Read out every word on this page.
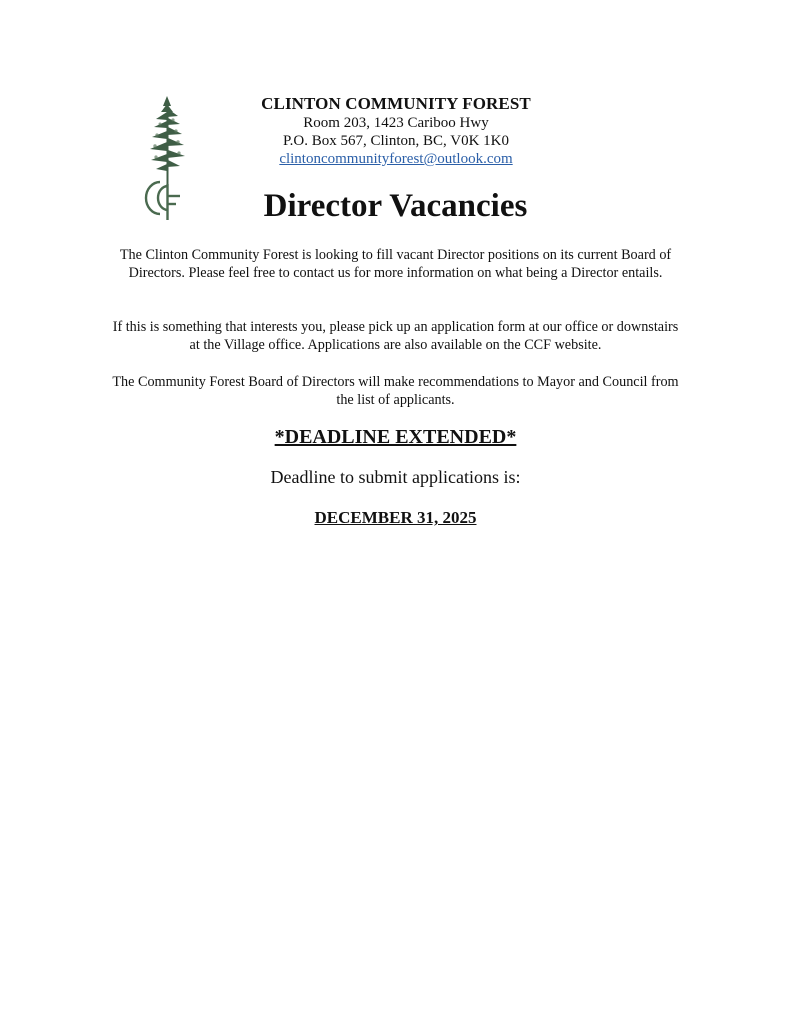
CLINTON COMMUNITY FOREST
Room 203, 1423 Cariboo Hwy
P.O. Box 567, Clinton, BC, V0K 1K0
clintoncommunityforest@outlook.com
Director Vacancies

The Clinton Community Forest is looking to fill vacant Director positions on its current Board of Directors. Please feel free to contact us for more information on what being a Director entails.

If this is something that interests you, please pick up an application form at our office or downstairs at the Village office. Applications are also available on the CCF website.

The Community Forest Board of Directors will make recommendations to Mayor and Council from the list of applicants.

*DEADLINE EXTENDED*
Deadline to submit applications is:
DECEMBER 31, 2025
